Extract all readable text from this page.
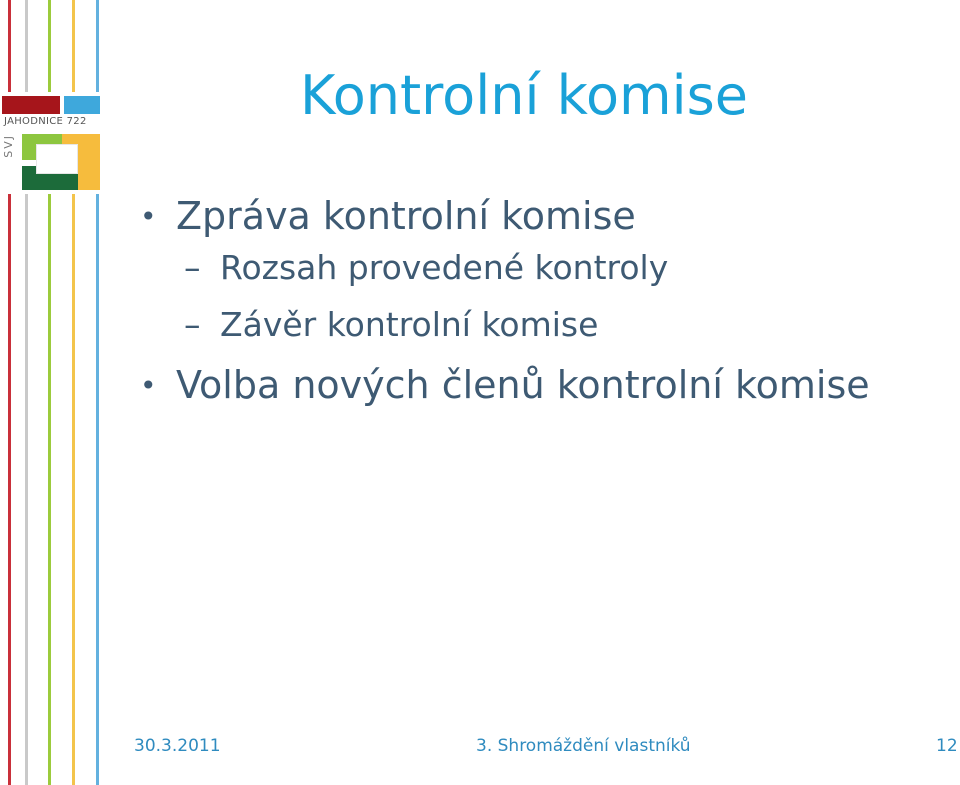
JAHODNICE 722
SVJ
Kontrolní komise
• Zpráva kontrolní komise
– Rozsah provedené kontroly
– Závěr kontrolní komise
• Volba nových členů kontrolní komise
30.3.2011	3. Shromáždění vlastníků	12
